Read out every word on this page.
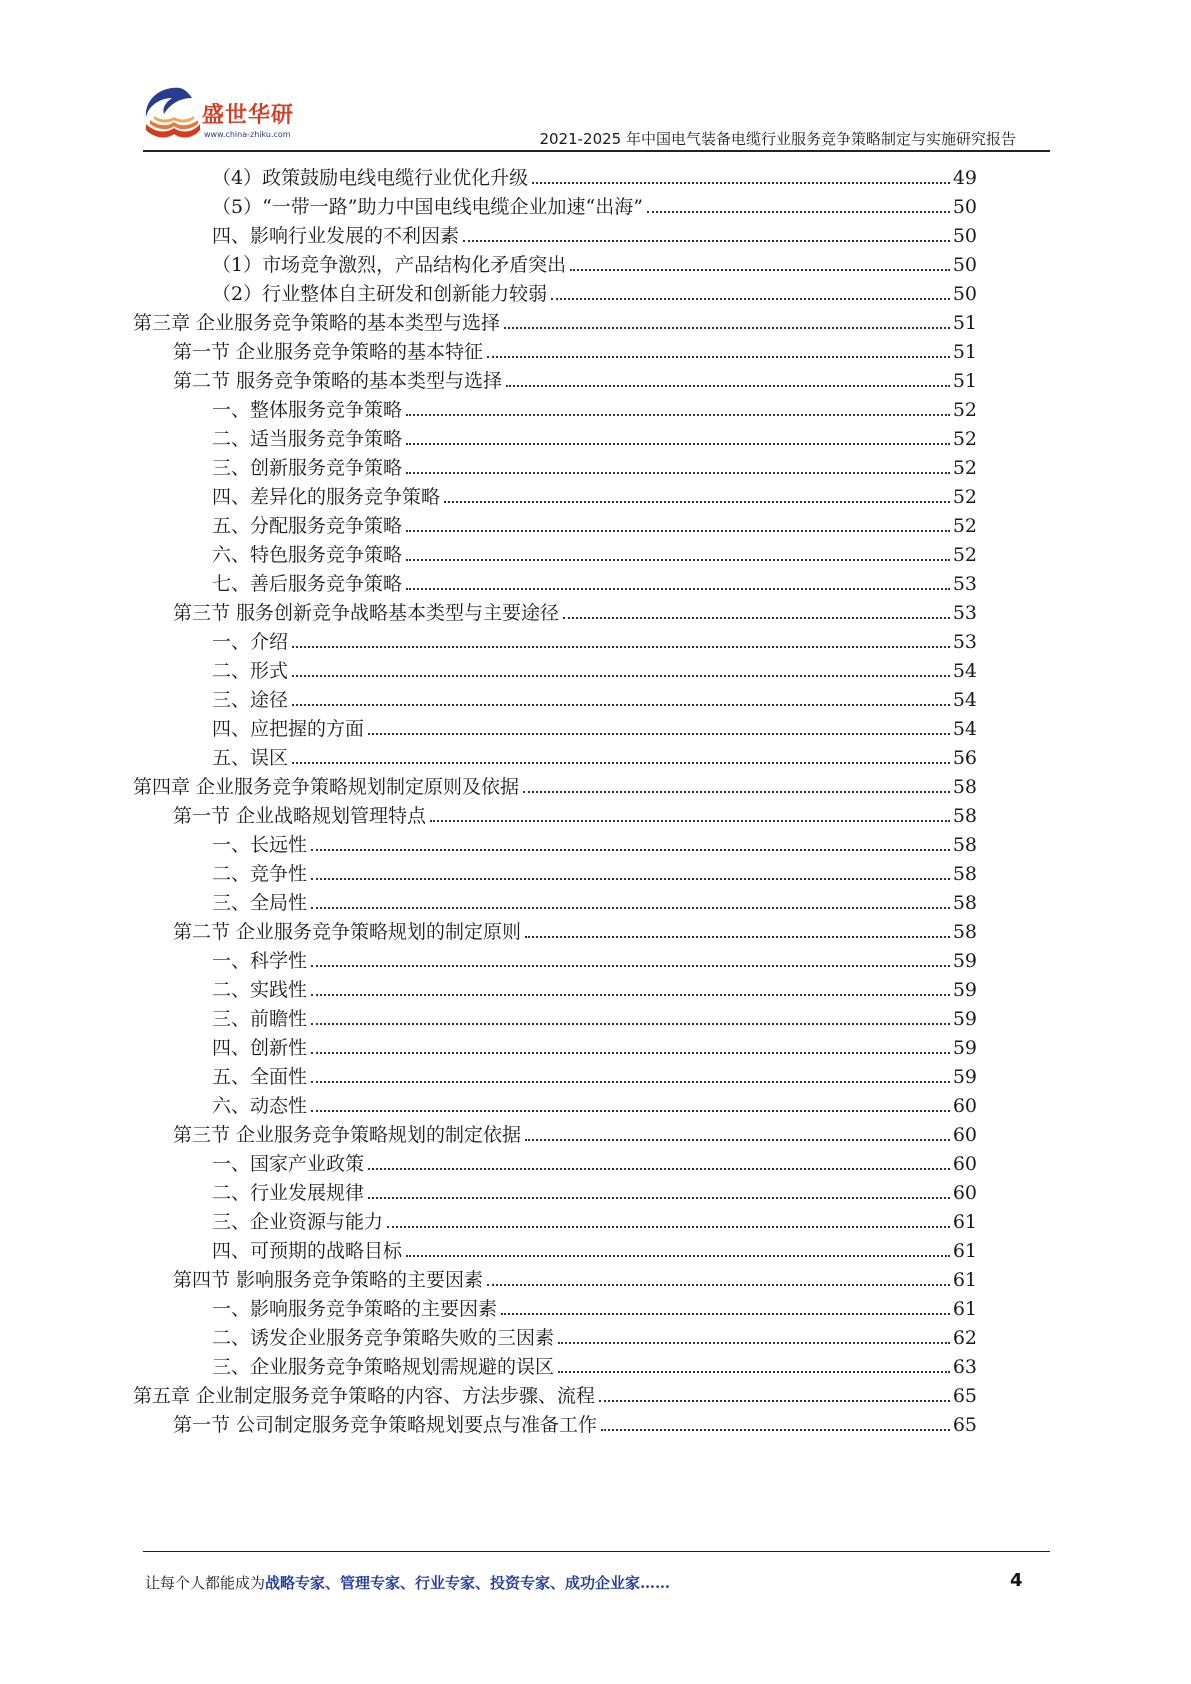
盛世华研
www.china-zhiku.com	2021-2025 年中国电气装备电缆行业服务竞争策略制定与实施研究报告
（4）政策鼓励电线电缆行业优化升级	49
（5）“一带一路”助力中国电线电缆企业加速“出海”	50
四、影响行业发展的不利因素	50
（1）市场竞争激烈，产品结构化矛盾突出	50
（2）行业整体自主研发和创新能力较弱	50
第三章 企业服务竞争策略的基本类型与选择	51
第一节 企业服务竞争策略的基本特征	51
第二节 服务竞争策略的基本类型与选择	51
一、整体服务竞争策略	52
二、适当服务竞争策略	52
三、创新服务竞争策略	52
四、差异化的服务竞争策略	52
五、分配服务竞争策略	52
六、特色服务竞争策略	52
七、善后服务竞争策略	53
第三节 服务创新竞争战略基本类型与主要途径	53
一、介绍	53
二、形式	54
三、途径	54
四、应把握的方面	54
五、误区	56
第四章 企业服务竞争策略规划制定原则及依据	58
第一节 企业战略规划管理特点	58
一、长远性	58
二、竞争性	58
三、全局性	58
第二节 企业服务竞争策略规划的制定原则	58
一、科学性	59
二、实践性	59
三、前瞻性	59
四、创新性	59
五、全面性	59
六、动态性	60
第三节 企业服务竞争策略规划的制定依据	60
一、国家产业政策	60
二、行业发展规律	60
三、企业资源与能力	61
四、可预期的战略目标	61
第四节 影响服务竞争策略的主要因素	61
一、影响服务竞争策略的主要因素	61
二、诱发企业服务竞争策略失败的三因素	62
三、企业服务竞争策略规划需规避的误区	63
第五章 企业制定服务竞争策略的内容、方法步骤、流程	65
第一节 公司制定服务竞争策略规划要点与准备工作	65
让每个人都能成为战略专家、管理专家、行业专家、投资专家、成功企业家……	4
